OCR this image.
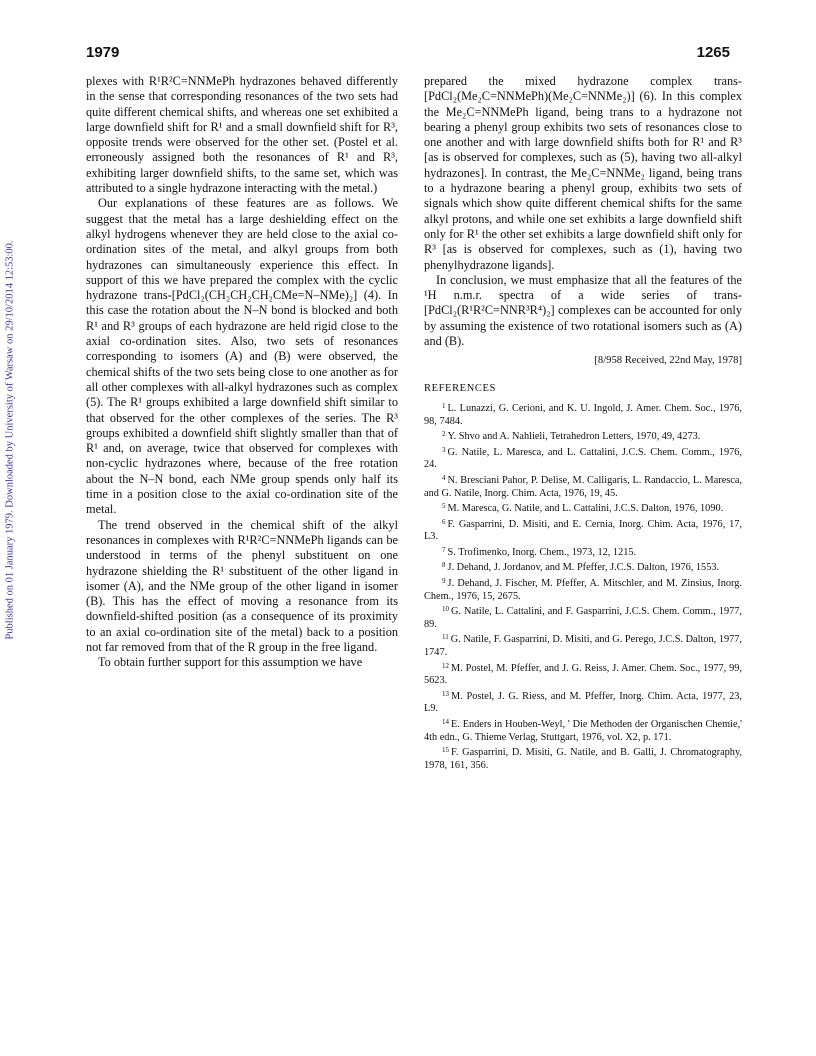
Published on 01 January 1979. Downloaded by University of Warsaw on 29/10/2014 12:53:00.
1979	1265

plexes with R¹R²C=NNMePh hydrazones behaved differently in the sense that corresponding resonances of the two sets had quite different chemical shifts, and whereas one set exhibited a large downfield shift for R¹ and a small downfield shift for R³, opposite trends were observed for the other set. (Postel et al. erroneously assigned both the resonances of R¹ and R³, exhibiting larger downfield shifts, to the same set, which was attributed to a single hydrazone interacting with the metal.)

Our explanations of these features are as follows. We suggest that the metal has a large deshielding effect on the alkyl hydrogens whenever they are held close to the axial co-ordination sites of the metal, and alkyl groups from both hydrazones can simultaneously experience this effect. In support of this we have prepared the complex with the cyclic hydrazone trans-[PdCl₂(CH₂CH₂CH₂CMe=N–NMe)₂] (4). In this case the rotation about the N–N bond is blocked and both R¹ and R³ groups of each hydrazone are held rigid close to the axial co-ordination sites. Also, two sets of resonances corresponding to isomers (A) and (B) were observed, the chemical shifts of the two sets being close to one another as for all other complexes with all-alkyl hydrazones such as complex (5). The R¹ groups exhibited a large downfield shift similar to that observed for the other complexes of the series. The R³ groups exhibited a downfield shift slightly smaller than that of R¹ and, on average, twice that observed for complexes with non-cyclic hydrazones where, because of the free rotation about the N–N bond, each NMe group spends only half its time in a position close to the axial co-ordination site of the metal.

The trend observed in the chemical shift of the alkyl resonances in complexes with R¹R²C=NNMePh ligands can be understood in terms of the phenyl substituent on one hydrazone shielding the R¹ substituent of the other ligand in isomer (A), and the NMe group of the other ligand in isomer (B). This has the effect of moving a resonance from its downfield-shifted position (as a consequence of its proximity to an axial co-ordination site of the metal) back to a position not far removed from that of the R group in the free ligand.

To obtain further support for this assumption we have

prepared the mixed hydrazone complex trans-[PdCl₂(Me₂C=NNMePh)(Me₂C=NNMe₂)] (6). In this complex the Me₂C=NNMePh ligand, being trans to a hydrazone not bearing a phenyl group exhibits two sets of resonances close to one another and with large downfield shifts both for R¹ and R³ [as is observed for complexes, such as (5), having two all-alkyl hydrazones]. In contrast, the Me₂C=NNMe₂ ligand, being trans to a hydrazone bearing a phenyl group, exhibits two sets of signals which show quite different chemical shifts for the same alkyl protons, and while one set exhibits a large downfield shift only for R¹ the other set exhibits a large downfield shift only for R³ [as is observed for complexes, such as (1), having two phenylhydrazone ligands].

In conclusion, we must emphasize that all the features of the ¹H n.m.r. spectra of a wide series of trans-[PdCl₂(R¹R²C=NNR³R⁴)₂] complexes can be accounted for only by assuming the existence of two rotational isomers such as (A) and (B).

[8/958 Received, 22nd May, 1978]
REFERENCES
$^1$ L. Lunazzi, G. Cerioni, and K. U. Ingold, J. Amer. Chem. Soc., 1976, 98, 7484.
$^2$ Y. Shvo and A. Nahlieli, Tetrahedron Letters, 1970, 49, 4273.
$^3$ G. Natile, L. Maresca, and L. Cattalini, J.C.S. Chem. Comm., 1976, 24.
$^4$ N. Bresciani Pahor, P. Delise, M. Calligaris, L. Randaccio, L. Maresca, and G. Natile, Inorg. Chim. Acta, 1976, 19, 45.
$^5$ M. Maresca, G. Natile, and L. Cattalini, J.C.S. Dalton, 1976, 1090.
$^6$ F. Gasparrini, D. Misiti, and E. Cernia, Inorg. Chim. Acta, 1976, 17, L3.
$^7$ S. Trofimenko, Inorg. Chem., 1973, 12, 1215.
$^8$ J. Dehand, J. Jordanov, and M. Pfeffer, J.C.S. Dalton, 1976, 1553.
$^9$ J. Dehand, J. Fischer, M. Pfeffer, A. Mitschler, and M. Zinsius, Inorg. Chem., 1976, 15, 2675.
$^{10}$ G. Natile, L. Cattalini, and F. Gasparrini, J.C.S. Chem. Comm., 1977, 89.
$^{11}$ G. Natile, F. Gasparrini, D. Misiti, and G. Perego, J.C.S. Dalton, 1977, 1747.
$^{12}$ M. Postel, M. Pfeffer, and J. G. Reiss, J. Amer. Chem. Soc., 1977, 99, 5623.
$^{13}$ M. Postel, J. G. Riess, and M. Pfeffer, Inorg. Chim. Acta, 1977, 23, L9.
$^{14}$ E. Enders in Houben-Weyl, ' Die Methoden der Organischen Chemie,' 4th edn., G. Thieme Verlag, Stuttgart, 1976, vol. X2, p. 171.
$^{15}$ F. Gasparrini, D. Misiti, G. Natile, and B. Galli, J. Chromatography, 1978, 161, 356.
